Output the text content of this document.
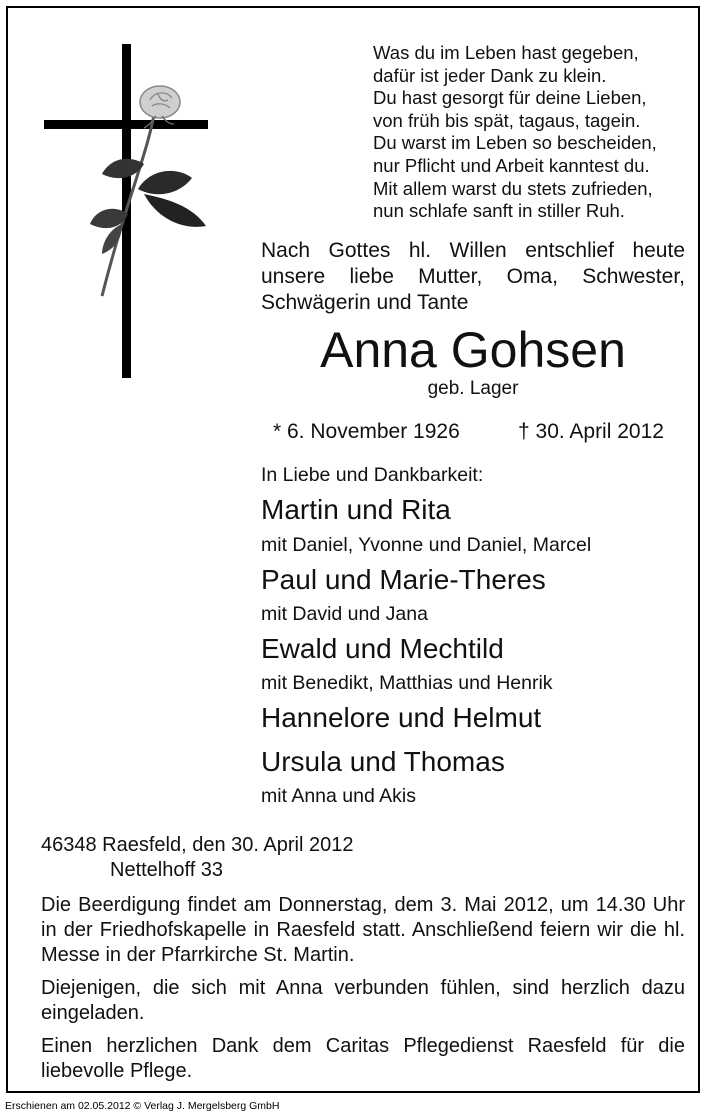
Was du im Leben hast gegeben,
dafür ist jeder Dank zu klein.
Du hast gesorgt für deine Lieben,
von früh bis spät, tagaus, tagein.
Du warst im Leben so bescheiden,
nur Pflicht und Arbeit kanntest du.
Mit allem warst du stets zufrieden,
nun schlafe sanft in stiller Ruh.
Nach Gottes hl. Willen entschlief heute unsere liebe Mutter, Oma, Schwester, Schwägerin und Tante
Anna Gohsen
geb. Lager
* 6. November 1926	† 30. April 2012
In Liebe und Dankbarkeit:
Martin und Rita
mit Daniel, Yvonne und Daniel, Marcel
Paul und Marie-Theres
mit David und Jana
Ewald und Mechtild
mit Benedikt, Matthias und Henrik
Hannelore und Helmut
Ursula und Thomas
mit Anna und Akis
46348 Raesfeld, den 30. April 2012
Nettelhoff 33
Die Beerdigung findet am Donnerstag, dem 3. Mai 2012, um 14.30 Uhr in der Friedhofskapelle in Raesfeld statt. Anschließend feiern wir die hl. Messe in der Pfarrkirche St. Martin.
Diejenigen, die sich mit Anna verbunden fühlen, sind herzlich dazu eingeladen.
Einen herzlichen Dank dem Caritas Pflegedienst Raesfeld für die liebevolle Pflege.
Erschienen am 02.05.2012 © Verlag J. Mergelsberg GmbH
